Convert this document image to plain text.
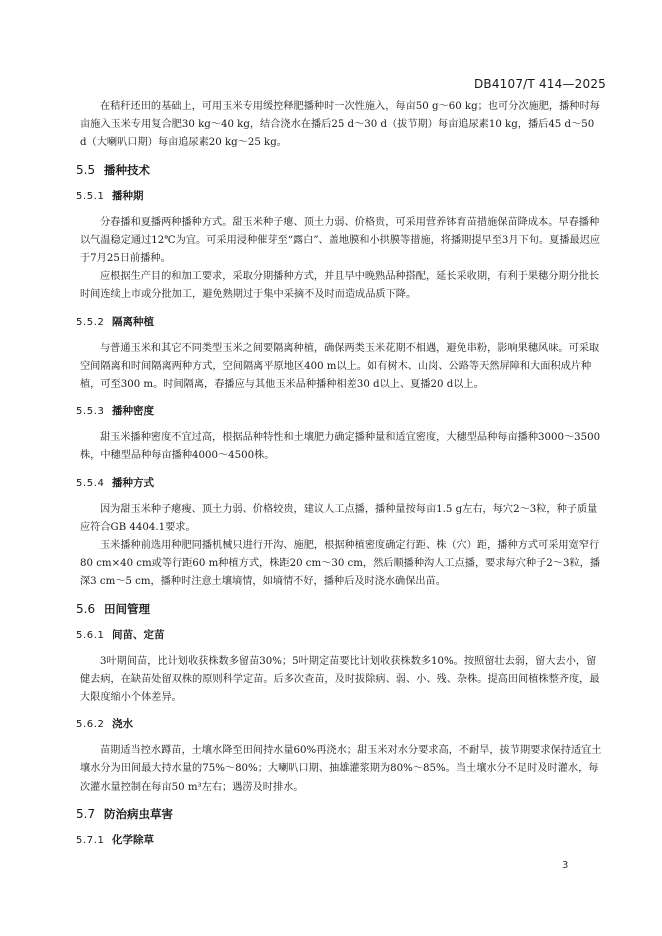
DB4107/T 414—2025

在秸秆还田的基础上，可用玉米专用缓控释肥播种时一次性施入，每亩50 g～60 kg；也可分次施肥，播种时每亩施入玉米专用复合肥30 kg～40 kg，结合浇水在播后25 d～30 d（拔节期）每亩追尿素10 kg，播后45 d～50 d（大喇叭口期）每亩追尿素20 kg～25 kg。

5.5 播种技术

5.5.1 播种期

分春播和夏播两种播种方式。甜玉米种子瘪、顶土力弱、价格贵，可采用营养钵育苗措施保苗降成本。早春播种以气温稳定通过12℃为宜。可采用浸种催芽至“露白”、盖地膜和小拱膜等措施，将播期提早至3月下旬。夏播最迟应于7月25日前播种。

应根据生产目的和加工要求，采取分期播种方式，并且早中晚熟品种搭配，延长采收期，有利于果穗分期分批长时间连续上市或分批加工，避免熟期过于集中采摘不及时而造成品质下降。

5.5.2 隔离种植

与普通玉米和其它不同类型玉米之间要隔离种植，确保两类玉米花期不相遇，避免串粉，影响果穗风味。可采取空间隔离和时间隔离两种方式，空间隔离平原地区400 m以上。如有树木、山岗、公路等天然屏障和大面积成片种植，可至300 m。时间隔离，春播应与其他玉米品种播种相差30 d以上、夏播20 d以上。

5.5.3 播种密度

甜玉米播种密度不宜过高，根据品种特性和土壤肥力确定播种量和适宜密度，大穗型品种每亩播种3000～3500株，中穗型品种每亩播种4000～4500株。

5.5.4 播种方式

因为甜玉米种子瘪瘦、顶土力弱、价格较贵，建议人工点播，播种量按每亩1.5 g左右，每穴2～3粒，种子质量应符合GB 4404.1要求。

玉米播种前选用种肥同播机械只进行开沟、施肥，根据种植密度确定行距、株（穴）距，播种方式可采用宽窄行80 cm×40 cm或等行距60 m种植方式，株距20 cm～30 cm，然后顺播种沟人工点播，要求每穴种子2～3粒，播深3 cm～5 cm，播种时注意土壤墒情，如墒情不好，播种后及时浇水确保出苗。

5.6 田间管理

5.6.1 间苗、定苗

3叶期间苗，比计划收获株数多留苗30%；5叶期定苗要比计划收获株数多10%。按照留壮去弱，留大去小，留健去病，在缺苗处留双株的原则科学定苗。后多次查苗，及时拔除病、弱、小、残、杂株。提高田间植株整齐度，最大限度缩小个体差异。

5.6.2 浇水

苗期适当控水蹲苗，土壤水降至田间持水量60%再浇水；甜玉米对水分要求高，不耐旱，拔节期要求保持适宜土壤水分为田间最大持水量的75%～80%；大喇叭口期、抽雄灌浆期为80%～85%。当土壤水分不足时及时灌水，每次灌水量控制在每亩50 m³左右；遇涝及时排水。

5.7 防治病虫草害

5.7.1 化学除草

3
